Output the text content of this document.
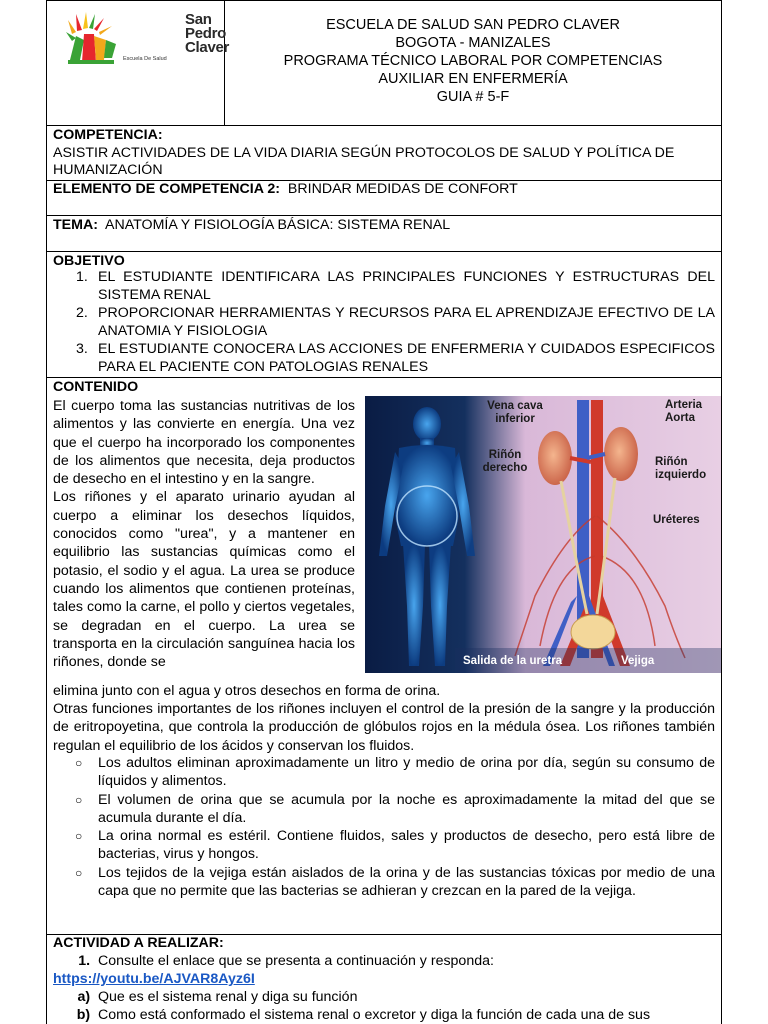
San
Pedro
Claver
Escuela De Salud
ESCUELA DE SALUD SAN PEDRO CLAVER
BOGOTA - MANIZALES
PROGRAMA TÉCNICO LABORAL POR COMPETENCIAS
AUXILIAR EN ENFERMERÍA
GUIA # 5-F
COMPETENCIA:
ASISTIR ACTIVIDADES DE LA VIDA DIARIA SEGÚN PROTOCOLOS DE SALUD Y POLÍTICA DE HUMANIZACIÓN
ELEMENTO DE COMPETENCIA 2: BRINDAR MEDIDAS DE CONFORT
TEMA: ANATOMÍA Y FISIOLOGÍA BÁSICA: SISTEMA RENAL
OBJETIVO
1. EL ESTUDIANTE IDENTIFICARA LAS PRINCIPALES FUNCIONES Y ESTRUCTURAS DEL SISTEMA RENAL
2. PROPORCIONAR HERRAMIENTAS Y RECURSOS PARA EL APRENDIZAJE EFECTIVO DE LA ANATOMIA Y FISIOLOGIA
3. EL ESTUDIANTE CONOCERA LAS ACCIONES DE ENFERMERIA Y CUIDADOS ESPECIFICOS PARA EL PACIENTE CON PATOLOGIAS RENALES
CONTENIDO
El cuerpo toma las sustancias nutritivas de los alimentos y las convierte en energía. Una vez que el cuerpo ha incorporado los componentes de los alimentos que necesita, deja productos de desecho en el intestino y en la sangre.
Los riñones y el aparato urinario ayudan al cuerpo a eliminar los desechos líquidos, conocidos como "urea", y a mantener en equilibrio las sustancias químicas como el potasio, el sodio y el agua. La urea se produce cuando los alimentos que contienen proteínas, tales como la carne, el pollo y ciertos vegetales, se degradan en el cuerpo. La urea se transporta en la circulación sanguínea hacia los riñones, donde se
Vena cava inferior
Arteria Aorta
Riñón derecho	Riñón izquierdo
Uréteres
Salida de la uretra	Vejiga
elimina junto con el agua y otros desechos en forma de orina.
Otras funciones importantes de los riñones incluyen el control de la presión de la sangre y la producción de eritropoyetina, que controla la producción de glóbulos rojos en la médula ósea. Los riñones también regulan el equilibrio de los ácidos y conservan los fluidos.
○ Los adultos eliminan aproximadamente un litro y medio de orina por día, según su consumo de líquidos y alimentos.
○ El volumen de orina que se acumula por la noche es aproximadamente la mitad del que se acumula durante el día.
○ La orina normal es estéril. Contiene fluidos, sales y productos de desecho, pero está libre de bacterias, virus y hongos.
○ Los tejidos de la vejiga están aislados de la orina y de las sustancias tóxicas por medio de una capa que no permite que las bacterias se adhieran y crezcan en la pared de la vejiga.
ACTIVIDAD A REALIZAR:
1. Consulte el enlace que se presenta a continuación y responda:
https://youtu.be/AJVAR8Ayz6I
a) Que es el sistema renal y diga su función
b) Como está conformado el sistema renal o excretor y diga la función de cada una de sus
